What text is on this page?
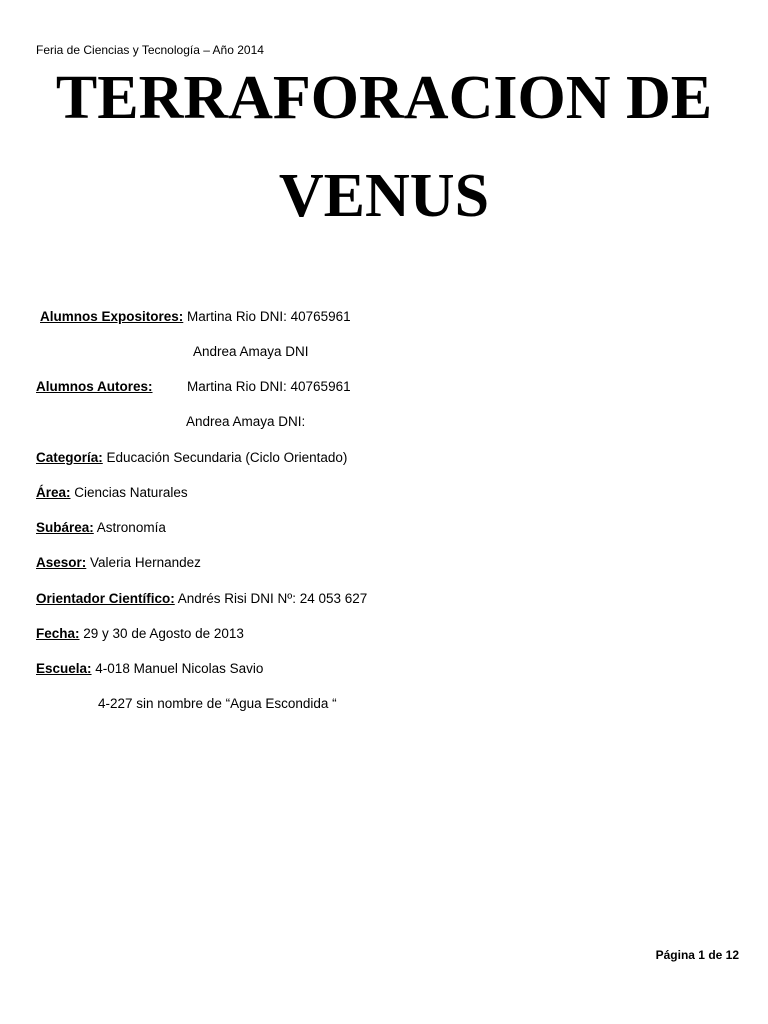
Feria de Ciencias y Tecnología – Año 2014
TERRAFORACION DE
VENUS
Alumnos Expositores: Martina Rio DNI: 40765961
Andrea Amaya DNI
Alumnos Autores:	Martina Rio DNI: 40765961
Andrea Amaya DNI:
Categoría: Educación Secundaria (Ciclo Orientado)
Área: Ciencias Naturales
Subárea: Astronomía
Asesor: Valeria Hernandez
Orientador Científico: Andrés Risi DNI Nº: 24 053 627
Fecha: 29 y 30 de Agosto de 2013
Escuela: 4-018 Manuel Nicolas Savio
4-227 sin nombre de “Agua Escondida “
Página 1 de 12
